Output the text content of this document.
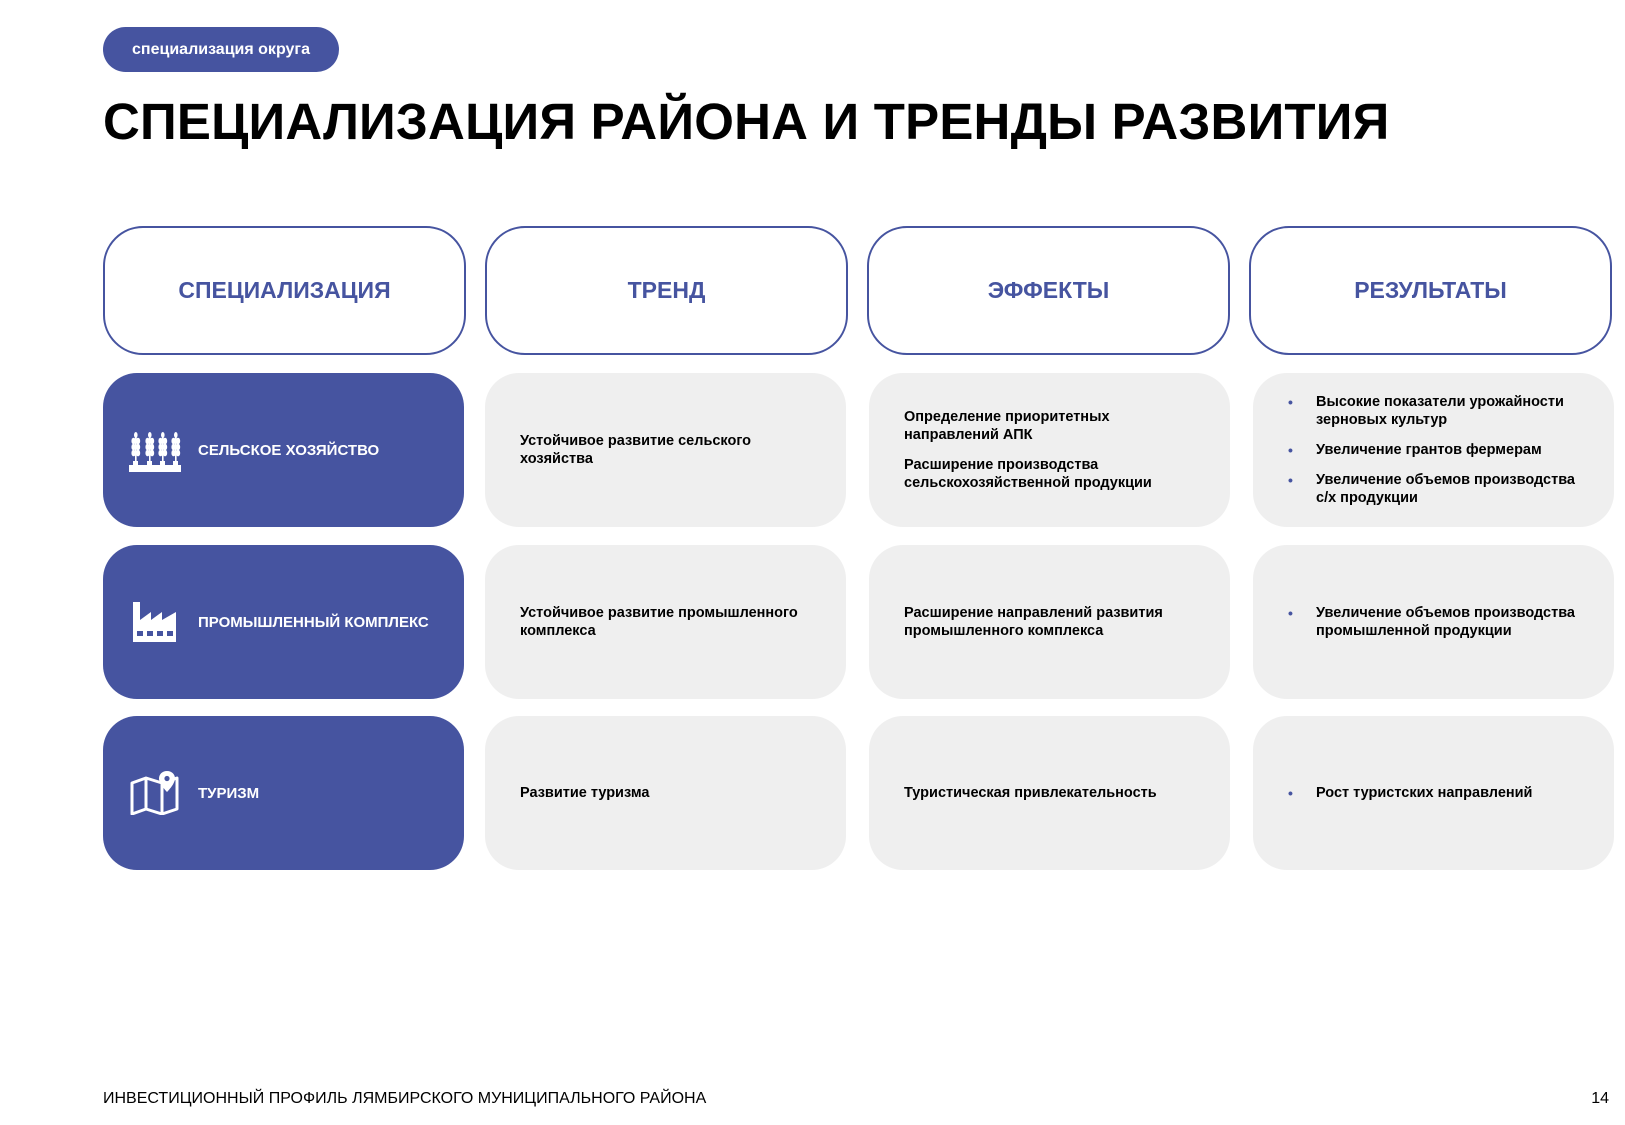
специализация округа
СПЕЦИАЛИЗАЦИЯ РАЙОНА И ТРЕНДЫ РАЗВИТИЯ
СПЕЦИАЛИЗАЦИЯ	ТРЕНД	ЭФФЕКТЫ	РЕЗУЛЬТАТЫ
СЕЛЬСКОЕ ХОЗЯЙСТВО

Устойчивое развитие сельского хозяйства

Определение приоритетных направлений АПК

Расширение производства сельскохозяйственной продукции

• Высокие показатели урожайности зерновых культур
• Увеличение грантов фермерам
• Увеличение объемов производства с/х продукции
ПРОМЫШЛЕННЫЙ КОМПЛЕКС

Устойчивое развитие промышленного комплекса

Расширение направлений развития промышленного комплекса

• Увеличение объемов производства промышленной продукции
ТУРИЗМ	Развитие туризма	Туристическая привлекательность

•	Рост туристских направлений
ИНВЕСТИЦИОННЫЙ ПРОФИЛЬ ЛЯМБИРСКОГО МУНИЦИПАЛЬНОГО РАЙОНА	14
